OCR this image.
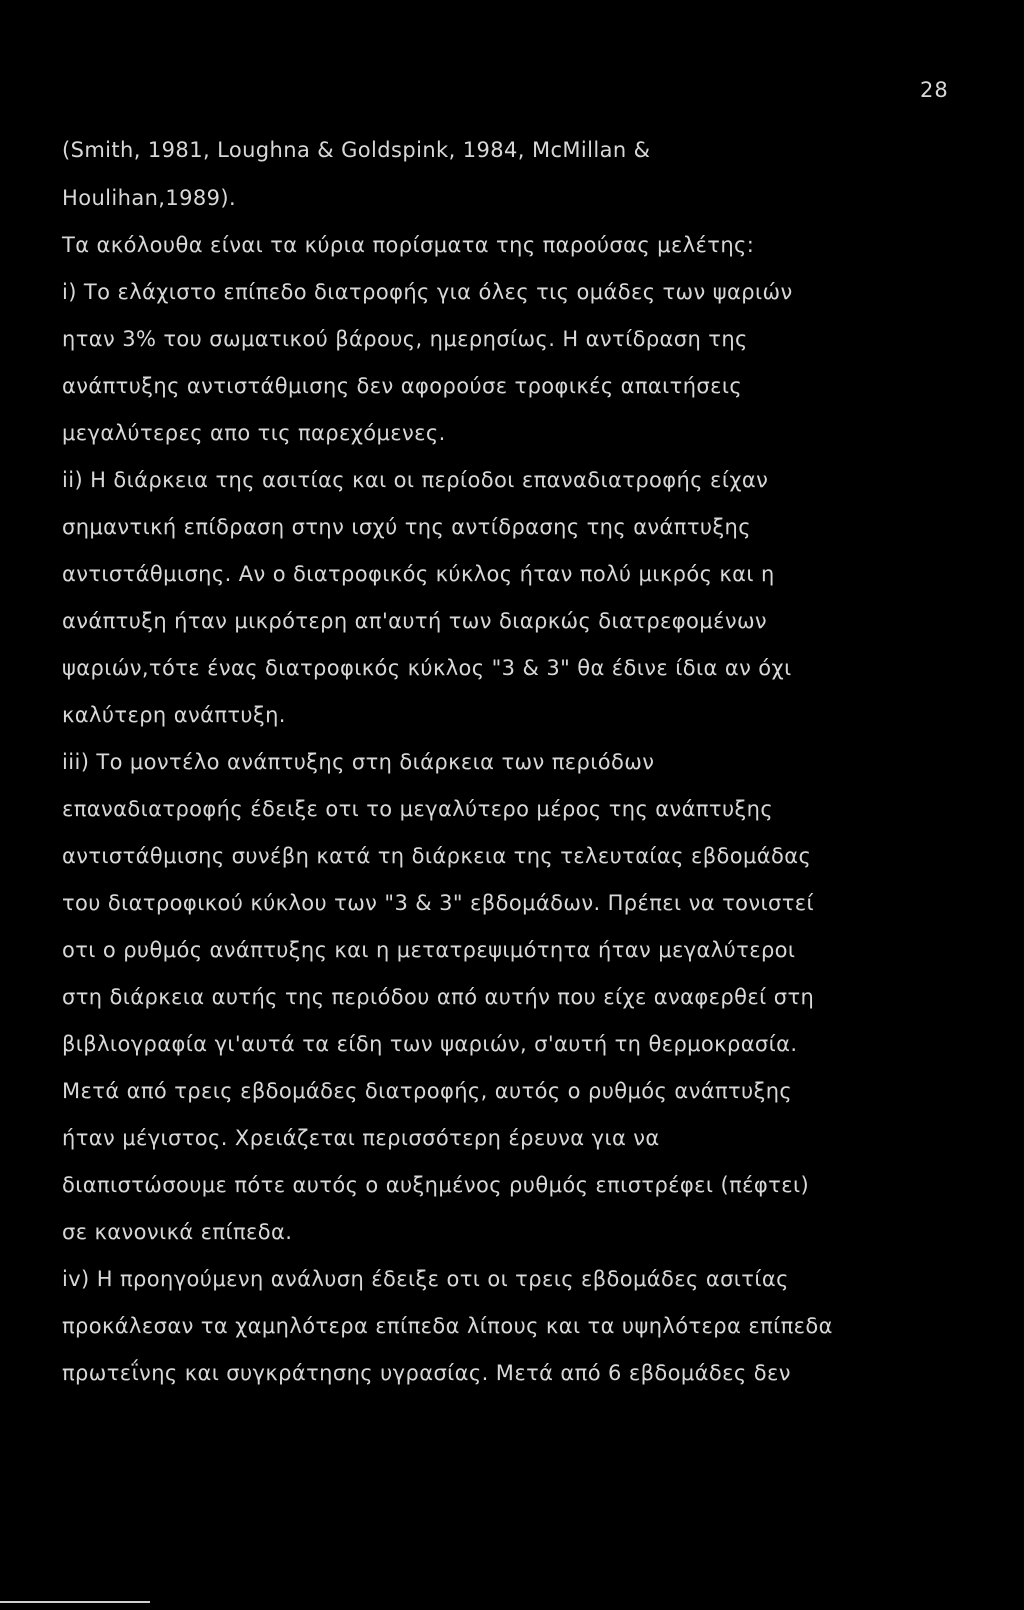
28
(Smith, 1981, Loughna & Goldspink, 1984, McMillan &
Houlihan,1989).
Τα ακόλουθα είναι τα κύρια πορίσματα της παρούσας μελέτης:
i) Το ελάχιστο επίπεδο διατροφής για όλες τις ομάδες των ψαριών
ηταν 3% του σωματικού βάρους, ημερησίως. Η αντίδραση της
ανάπτυξης αντιστάθμισης δεν αφορούσε τροφικές απαιτήσεις
μεγαλύτερες απο τις παρεχόμενες.
ii) Η διάρκεια της ασιτίας και οι περίοδοι επαναδιατροφής είχαν
σημαντική επίδραση στην ισχύ της αντίδρασης της ανάπτυξης
αντιστάθμισης. Αν ο διατροφικός κύκλος ήταν πολύ μικρός και η
ανάπτυξη ήταν μικρότερη απ'αυτή των διαρκώς διατρεφομένων
ψαριών,τότε ένας διατροφικός κύκλος "3 & 3" θα έδινε ίδια αν όχι
καλύτερη ανάπτυξη.
iii) Το μοντέλο ανάπτυξης στη διάρκεια των περιόδων
επαναδιατροφής έδειξε οτι το μεγαλύτερο μέρος της ανάπτυξης
αντιστάθμισης συνέβη κατά τη διάρκεια της τελευταίας εβδομάδας
του διατροφικού κύκλου των "3 & 3" εβδομάδων. Πρέπει να τονιστεί
οτι ο ρυθμός ανάπτυξης και η μετατρεψιμότητα ήταν μεγαλύτεροι
στη διάρκεια αυτής της περιόδου από αυτήν που είχε αναφερθεί στη
βιβλιογραφία γι'αυτά τα είδη των ψαριών, σ'αυτή τη θερμοκρασία.
Μετά από τρεις εβδομάδες διατροφής, αυτός ο ρυθμός ανάπτυξης
ήταν μέγιστος. Χρειάζεται περισσότερη έρευνα για να
διαπιστώσουμε πότε αυτός ο αυξημένος ρυθμός επιστρέφει (πέφτει)
σε κανονικά επίπεδα.
iv) Η προηγούμενη ανάλυση έδειξε οτι οι τρεις εβδομάδες ασιτίας
προκάλεσαν τα χαμηλότερα επίπεδα λίπους και τα υψηλότερα επίπεδα
πρωτεΐνης και συγκράτησης υγρασίας. Μετά από 6 εβδομάδες δεν
